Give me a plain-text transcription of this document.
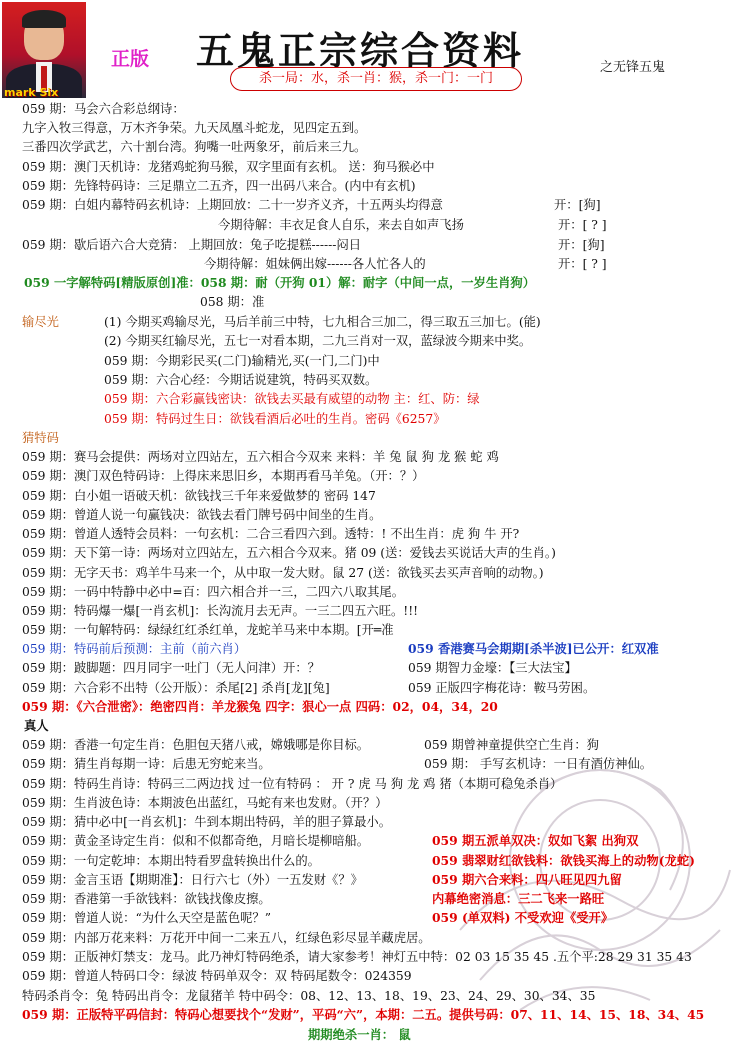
mark Six
正版 五鬼正宗综合资料	之无锋五鬼
杀一局：水，杀一肖：猴，杀一门：一门
059 期：马会六合彩总纲诗：
九字入牧三得意，万木齐争荣。九天凤凰斗蛇龙，见四定五到。
三番四次学武艺，六十割台湾。狗嘴一吐两象牙，前后来三九。
059 期：澳门天机诗：龙猪鸡蛇狗马猴，双字里面有玄机。 送：狗马猴必中
059 期：先锋特码诗：三足鼎立二五齐，四一出码八来合。(内中有玄机)
059 期：白姐内幕特码玄机诗：上期回放：二十一岁齐义齐，十五两头均得意	开：[狗]
今期待解：丰衣足食人自乐，来去自如声飞扬	开：[ ? ]
059 期：歇后语六合大竞猜： 上期回放：兔子吃提糕------闷日	开：[狗]
今期待解：姐妹俩出嫁------各人忙各人的	开：[ ? ]
059 一字解特码[精版原创]准：058 期：耐（开狗 01）解：耐字（中间一点，一岁生肖狗）
058 期：准
输尽光	(1) 今期买鸡输尽光，马后羊前三中特，七九相合三加二，得三取五三加七。(能)
(2) 今期买红输尽光，五七一对看本期，二九三肖对一双，蓝绿波今期来中奖。
059 期：今期彩民买(二门)输精光,买(一门,二门)中
059 期：六合心经：今期话说建筑，特码买双数。
059 期：六合彩赢钱密诀：欲钱去买最有威望的动物 主：红、防：绿
059 期：特码过生日：欲钱看酒后必吐的生肖。密码《6257》
猜特码
059 期：赛马会提供：两场对立四站左，五六相合今双来 来料：羊 兔 鼠 狗 龙 猴 蛇 鸡
059 期：澳门双色特码诗：上得床来思旧乡，本期再看马羊兔。（开：？）
059 期：白小姐一语破天机：欲钱找三千年来爱做梦的 密码 147
059 期：曾道人说一句赢钱决：欲钱去看门牌号码中间坐的生肖。
059 期：曾道人透特会员料：一句玄机：二合三看四六到。透特：! 不出生肖：虎 狗 牛 开?
059 期：天下第一诗：两场对立四站左，五六相合今双来。猪 09 (送：爱钱去买说话大声的生肖。)
059 期：无字天书：鸡羊牛马来一个，从中取一发大财。鼠 27 (送：欲钱买去买声音响的动物。)
059 期：一码中特静中必中=百：四六相合并一三，二四六八取其尾。
059 期：特码爆一爆[一肖玄机]：长沟流月去无声。一三二四五六旺。!!!
059 期：一句解特码：绿绿红红杀红单，龙蛇羊马来中本期。[开═准
059 期：特码前后预测：主前（前六肖）	059 香港赛马会期期[杀半波]已公开：红双准
059 期：跛脚题：四月同宇一吐门（无人问津）开：？	059 期智力金壕：【三大法宝】
059 期：六合彩不出特（公开版）：杀尾[2] 杀肖[龙][兔]	059 正版四字梅花诗：鞍马劳困。
059 期：《六合泄密》：绝密四肖：羊龙猴兔 四字：狠心一点 四码：02，04，34，20
真人
059 期：香港一句定生肖：色胆包天猪八戒，嫦娥哪是你目标。	059 期曾神童提供空亡生肖：狗
059 期：猜生肖每期一诗：后患无穷蛇来当。	059 期： 手写玄机诗：一日有酒仿神仙。
059 期：特码生肖诗：特码三二两边找 过一位有特码 ： 开 ? 虎 马 狗 龙 鸡 猪（本期可稳兔杀肖）
059 期：生肖波色诗：本期波色出蓝红，马蛇有来也发财。（开？）
059 期：猜中必中[一肖玄机]：牛到本期出特码，羊的胆子算最小。
059 期：黄金圣诗定生肖：似和不似都奇绝，月暗长堤柳暗船。	059 期五派单双决：奴如飞絮 出狗双
059 期：一句定乾坤：本期出特看罗盘转换出什么的。	059 翡翠财红欲钱料：欲钱买海上的动物(龙蛇)
059 期：金言玉语【期期准】：日行六七（外）一五发财《？》	059 期六合来料：四八旺见四九留
059 期：香港第一手欲钱料：欲钱找像皮擦。	内幕绝密消息：三二飞来一路旺
059 期：曾道人说：“为什么天空是蓝色呢？”	059 (单双料) 不受欢迎《受开》
059 期：内部万花来料：万花开中间一二来五八，红绿色彩尽显羊藏虎居。
059 期：正版神灯禁支：龙马。此乃神灯特码绝杀，请大家参考！神灯五中特：02 03 15 35 45 .五个平:28 29 31 35 43
059 期：曾道人特码口令：绿波 特码单双令：双 特码尾数令：024359
特码杀肖令：兔 特码出肖令：龙鼠猪羊 特中码令：08、12、13、18、19、23、24、29、30、34、35
059 期：正版特平码信封：特码心想要找个“发财”，平码“六”，本期：二五。提供号码：07、11、14、15、18、34、45
期期绝杀一肖： 鼠
